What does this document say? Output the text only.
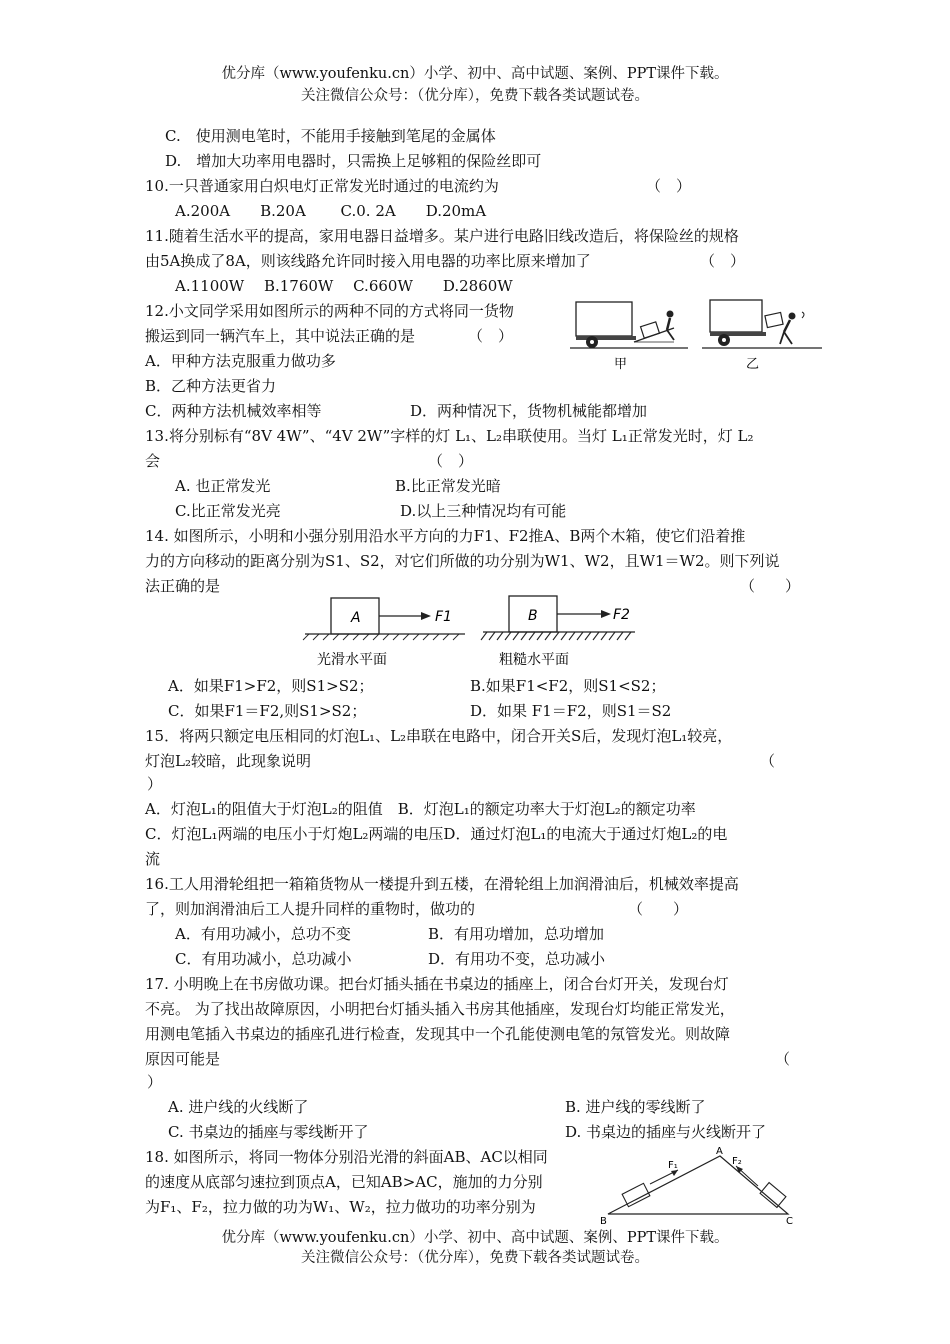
优分库（www.youfenku.cn）小学、初中、高中试题、案例、PPT课件下载。
关注微信公众号：（优分库），免费下载各类试题试卷。
C.　使用测电笔时，不能用手接触到笔尾的金属体
D.　增加大功率用电器时，只需换上足够粗的保险丝即可
10.一只普通家用白炽电灯正常发光时通过的电流约为	（　）
A.200A　　B.20A　　 C.0. 2A　　D.20mA
11.随着生活水平的提高，家用电器日益增多。某户进行电路旧线改造后，将保险丝的规格
由5A换成了8A，则该线路允许同时接入用电器的功率比原来增加了	（　）
A.1100W　 B.1760W　 C.660W　　D.2860W
12.小文同学采用如图所示的两种不同的方式将同一货物
搬运到同一辆汽车上，其中说法正确的是	（　）
A．甲种方法克服重力做功多
B．乙种方法更省力
C．两种方法机械效率相等	D．两种情况下，货物机械能都增加
甲	乙
13.将分别标有“8V 4W”、“4V 2W”字样的灯 L₁、L₂串联使用。当灯 L₁正常发光时，灯 L₂
会	（　）
A. 也正常发光	B.比正常发光暗
C.比正常发光亮	D.以上三种情况均有可能
14. 如图所示，小明和小强分别用沿水平方向的力F1、F2推A、B两个木箱，使它们沿着推
力的方向移动的距离分别为S1、S2，对它们所做的功分别为W1、W2，且W1＝W2。则下列说
法正确的是	（　　）
A	F1
光滑水平面
B	F2
粗糙水平面
A．如果F1>F2，则S1>S2；	B.如果F1<F2，则S1<S2；
C．如果F1＝F2,则S1>S2；	D．如果 F1＝F2，则S1＝S2
15．将两只额定电压相同的灯泡L₁、L₂串联在电路中，闭合开关S后，发现灯泡L₁较亮，
灯泡L₂较暗，此现象说明	（
）
A．灯泡L₁的阻值大于灯泡L₂的阻值　B．灯泡L₁的额定功率大于灯泡L₂的额定功率
C．灯泡L₁两端的电压小于灯炮L₂两端的电压D．通过灯泡L₁的电流大于通过灯炮L₂的电
流
16.工人用滑轮组把一箱箱货物从一楼提升到五楼，在滑轮组上加润滑油后，机械效率提高
了，则加润滑油后工人提升同样的重物时，做功的	（　　）
A．有用功减小，总功不变	B．有用功增加，总功增加
C．有用功减小，总功减小	D．有用功不变，总功减小
17. 小明晚上在书房做功课。把台灯插头插在书桌边的插座上，闭合台灯开关，发现台灯
不亮。 为了找出故障原因，小明把台灯插头插入书房其他插座，发现台灯均能正常发光，
用测电笔插入书桌边的插座孔进行检查，发现其中一个孔能使测电笔的氖管发光。则故障
原因可能是	（
）
A. 进户线的火线断了	B. 进户线的零线断了
C. 书桌边的插座与零线断开了	D. 书桌边的插座与火线断开了
18. 如图所示，将同一物体分别沿光滑的斜面AB、AC以相同
的速度从底部匀速拉到顶点A，已知AB>AC，施加的力分别
为F₁、F₂，拉力做的功为W₁、W₂，拉力做功的功率分别为
F₁	F₂
A
B	C
优分库（www.youfenku.cn）小学、初中、高中试题、案例、PPT课件下载。
关注微信公众号：（优分库），免费下载各类试题试卷。
